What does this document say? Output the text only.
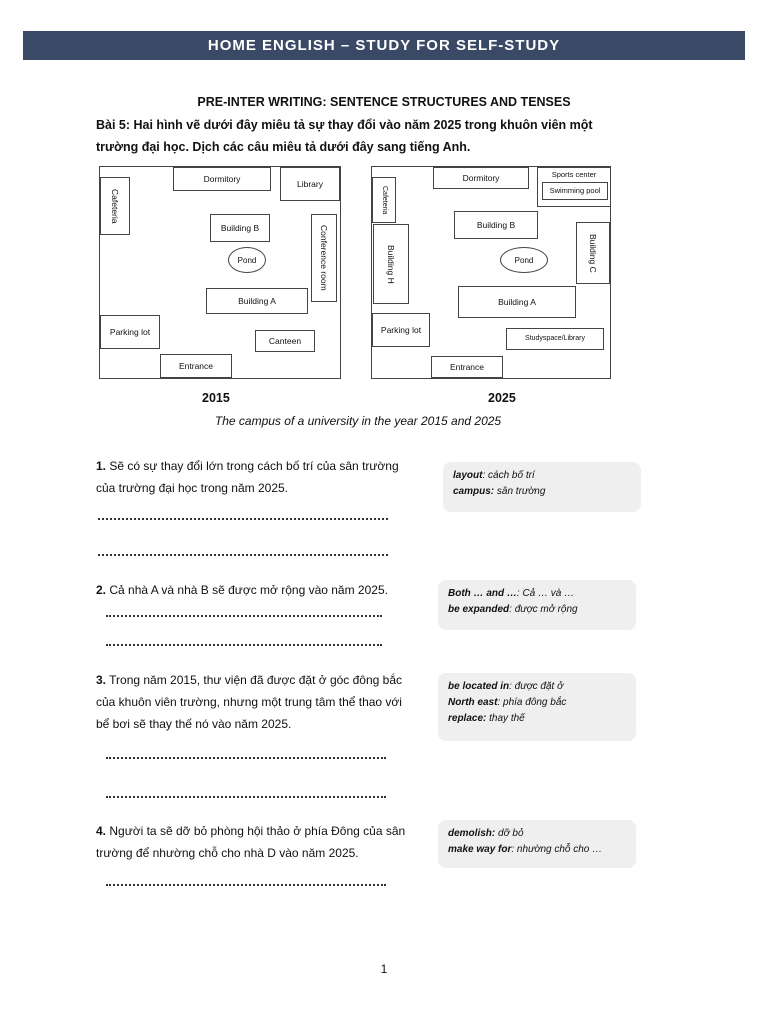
HOME ENGLISH – STUDY FOR SELF-STUDY
PRE-INTER WRITING: SENTENCE STRUCTURES AND TENSES
Bài 5: Hai hình vẽ dưới đây miêu tả sự thay đổi vào năm 2025 trong khuôn viên một trường đại học. Dịch các câu miêu tả dưới đây sang tiếng Anh.
Cafeteria
Dormitory	Library
Building B
Pond	Conference room
Building A
Parking lot
Canteen
Entrance
Cafeteria
Dormitory	Sports center
Swimming pool
Building B
Building H	Pond	Building C
Building A
Parking lot
Studyspace/Library
Entrance
2015	2025
The campus of a university in the year 2015 and 2025
1. Sẽ có sự thay đổi lớn trong cách bố trí của sân trường của trường đại học trong năm 2025.
layout: cách bố trí
campus: sân trường
2. Cả nhà A và nhà B sẽ được mở rộng vào năm 2025.	Both … and …: Cả … và …
be expanded: được mở rộng
3. Trong năm 2015, thư viện đã được đặt ở góc đông bắc của khuôn viên trường, nhưng một trung tâm thể thao với bể bơi sẽ thay thế nó vào năm 2025.
be located in: được đặt ở
North east: phía đông bắc
replace: thay thế
4. Người ta sẽ dỡ bỏ phòng hội thảo ở phía Đông của sân trường để nhường chỗ cho nhà D vào năm 2025.
demolish: dỡ bỏ
make way for: nhường chỗ cho …
1
